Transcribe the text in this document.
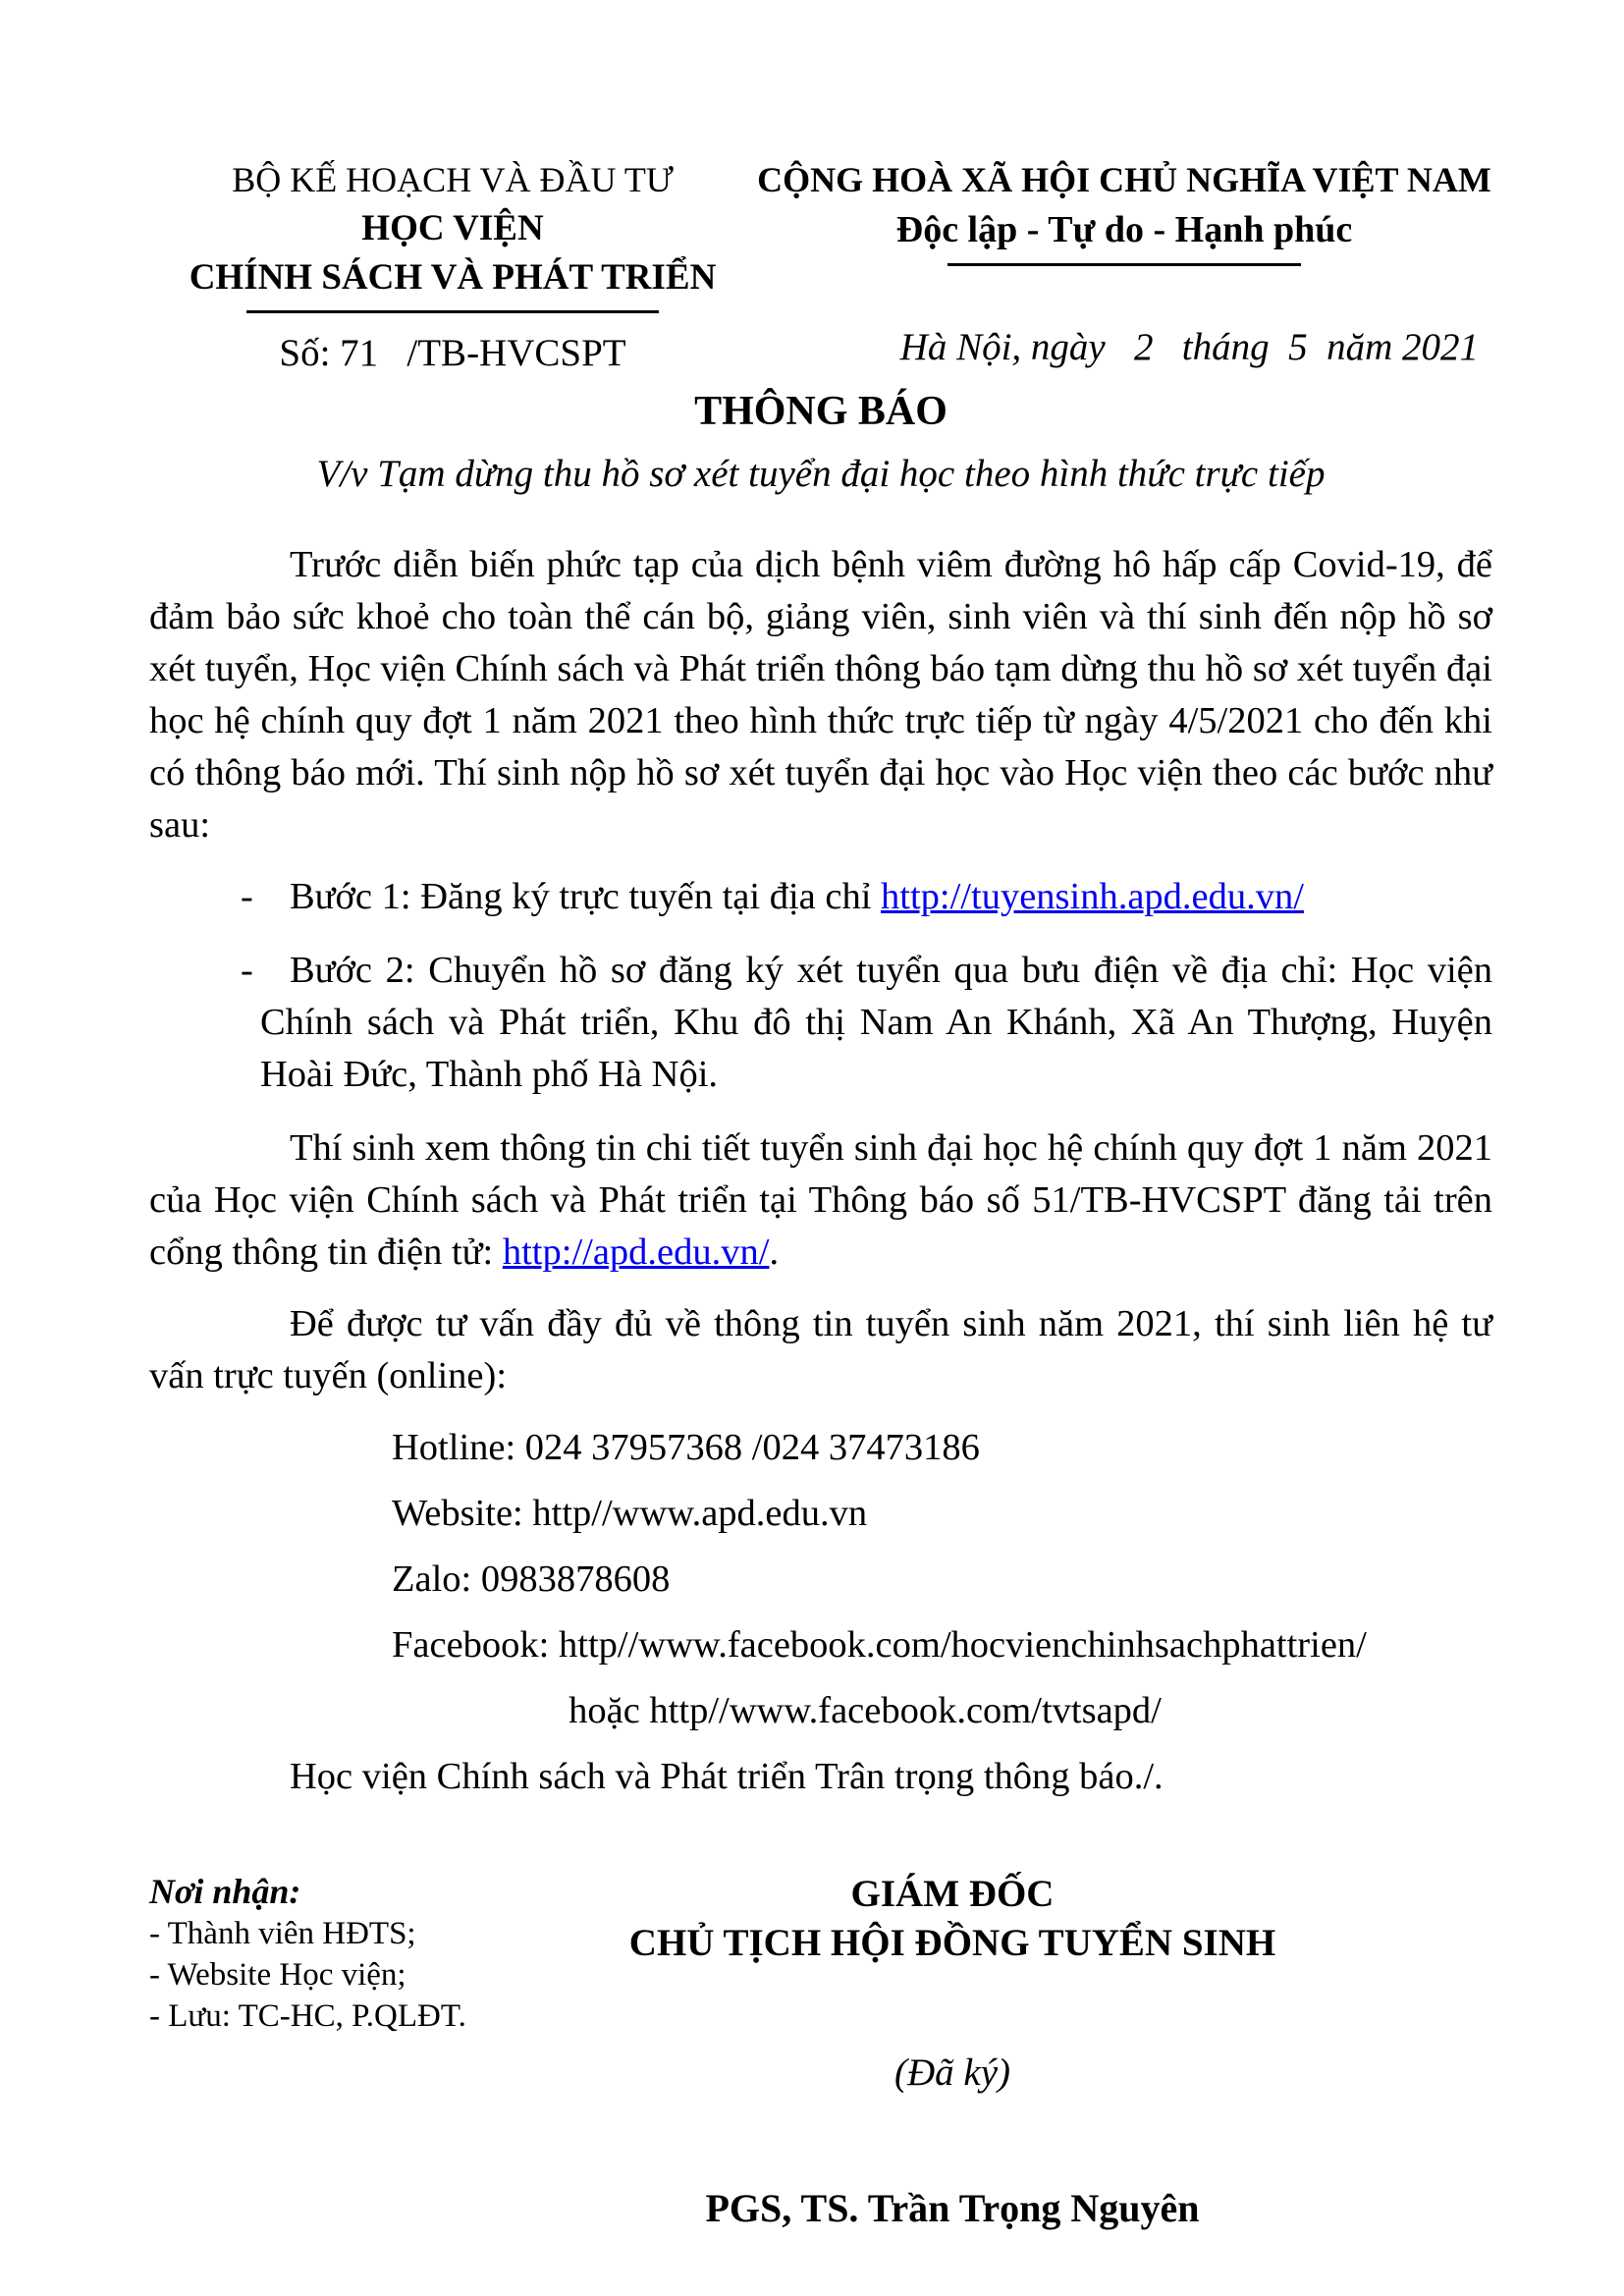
BỘ KẾ HOẠCH VÀ ĐẦU TƯ
HỌC VIỆN
CHÍNH SÁCH VÀ PHÁT TRIỂN
Số: 71   /TB-HVCSPT
CỘNG HOÀ XÃ HỘI CHỦ NGHĨA VIỆT NAM
Độc lập - Tự do - Hạnh phúc
Hà Nội, ngày   2   tháng  5  năm 2021
THÔNG BÁO
V/v Tạm dừng thu hồ sơ xét tuyển đại học theo hình thức trực tiếp

Trước diễn biến phức tạp của dịch bệnh viêm đường hô hấp cấp Covid-19, để đảm bảo sức khoẻ cho toàn thể cán bộ, giảng viên, sinh viên và thí sinh đến nộp hồ sơ xét tuyển, Học viện Chính sách và Phát triển thông báo tạm dừng thu hồ sơ xét tuyển đại học hệ chính quy đợt 1 năm 2021 theo hình thức trực tiếp từ ngày 4/5/2021 cho đến khi có thông báo mới. Thí sinh nộp hồ sơ xét tuyển đại học vào Học viện theo các bước như sau:

- Bước 1: Đăng ký trực tuyến tại địa chỉ http://tuyensinh.apd.edu.vn/
- Bước 2: Chuyển hồ sơ đăng ký xét tuyển qua bưu điện về địa chỉ: Học viện Chính sách và Phát triển, Khu đô thị Nam An Khánh, Xã An Thượng, Huyện Hoài Đức, Thành phố Hà Nội.

Thí sinh xem thông tin chi tiết tuyển sinh đại học hệ chính quy đợt 1 năm 2021 của Học viện Chính sách và Phát triển tại Thông báo số 51/TB-HVCSPT đăng tải trên cổng thông tin điện tử: http://apd.edu.vn/.

Để được tư vấn đầy đủ về thông tin tuyển sinh năm 2021, thí sinh liên hệ tư vấn trực tuyến (online):

Hotline: 024 37957368 /024 37473186

Website: http//www.apd.edu.vn

Zalo: 0983878608

Facebook: http//www.facebook.com/hocvienchinhsachphattrien/

hoặc http//www.facebook.com/tvtsapd/

Học viện Chính sách và Phát triển Trân trọng thông báo./.

Nơi nhận:
- Thành viên HĐTS;
- Website Học viện;
- Lưu: TC-HC, P.QLĐT.
GIÁM ĐỐC
CHỦ TỊCH HỘI ĐỒNG TUYỂN SINH
(Đã ký)
PGS, TS. Trần Trọng Nguyên
